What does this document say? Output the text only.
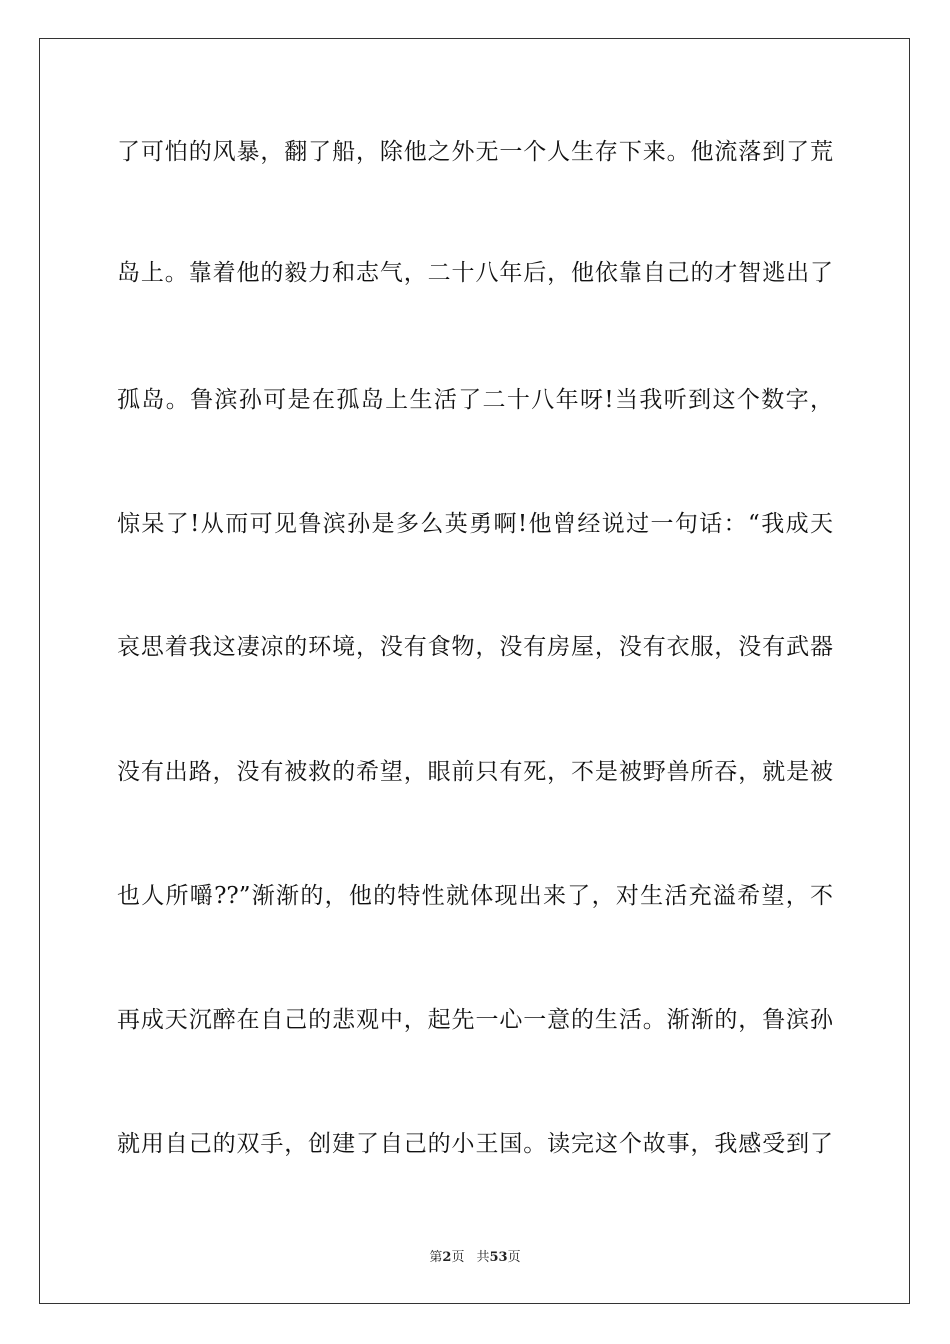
了可怕的风暴，翻了船，除他之外无一个人生存下来。他流落到了荒
岛上。靠着他的毅力和志气，二十八年后，他依靠自己的才智逃出了
孤岛。鲁滨孙可是在孤岛上生活了二十八年呀!当我听到这个数字，
惊呆了!从而可见鲁滨孙是多么英勇啊!他曾经说过一句话：“我成天
哀思着我这凄凉的环境，没有食物，没有房屋，没有衣服，没有武器
没有出路，没有被救的希望，眼前只有死，不是被野兽所吞，就是被
也人所嚼??”渐渐的，他的特性就体现出来了，对生活充溢希望，不
再成天沉醉在自己的悲观中，起先一心一意的生活。渐渐的，鲁滨孙
就用自己的双手，创建了自己的小王国。读完这个故事，我感受到了
第2页 共53页
